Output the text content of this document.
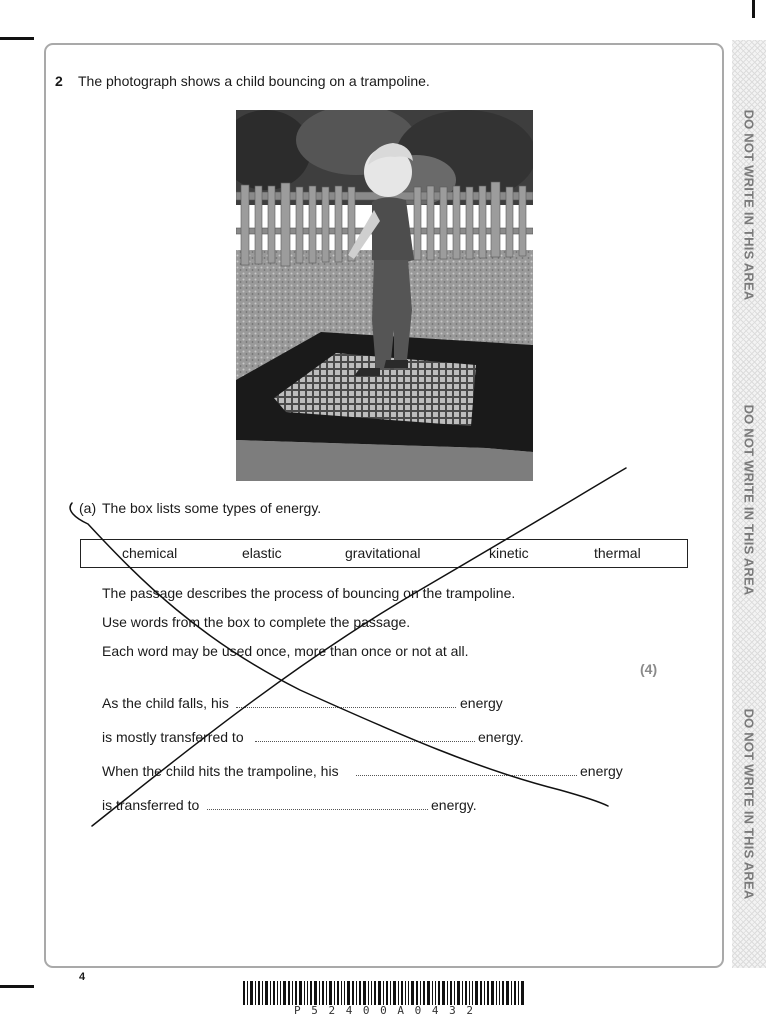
DO NOT WRITE IN THIS AREA
DO NOT WRITE IN THIS AREA
DO NOT WRITE IN THIS AREA
2 The photograph shows a child bouncing on a trampoline.
(a) The box lists some types of energy.
chemical	elastic	gravitational	kinetic	thermal
The passage describes the process of bouncing on the trampoline.
Use words from the box to complete the passage.
Each word may be used once, more than once or not at all.
(4)
As the child falls, his	energy
is mostly transferred to	energy.
When the child hits the trampoline, his	energy
is transferred to	energy.
4
P 5 2 4 0 0 A 0 4 3 2
